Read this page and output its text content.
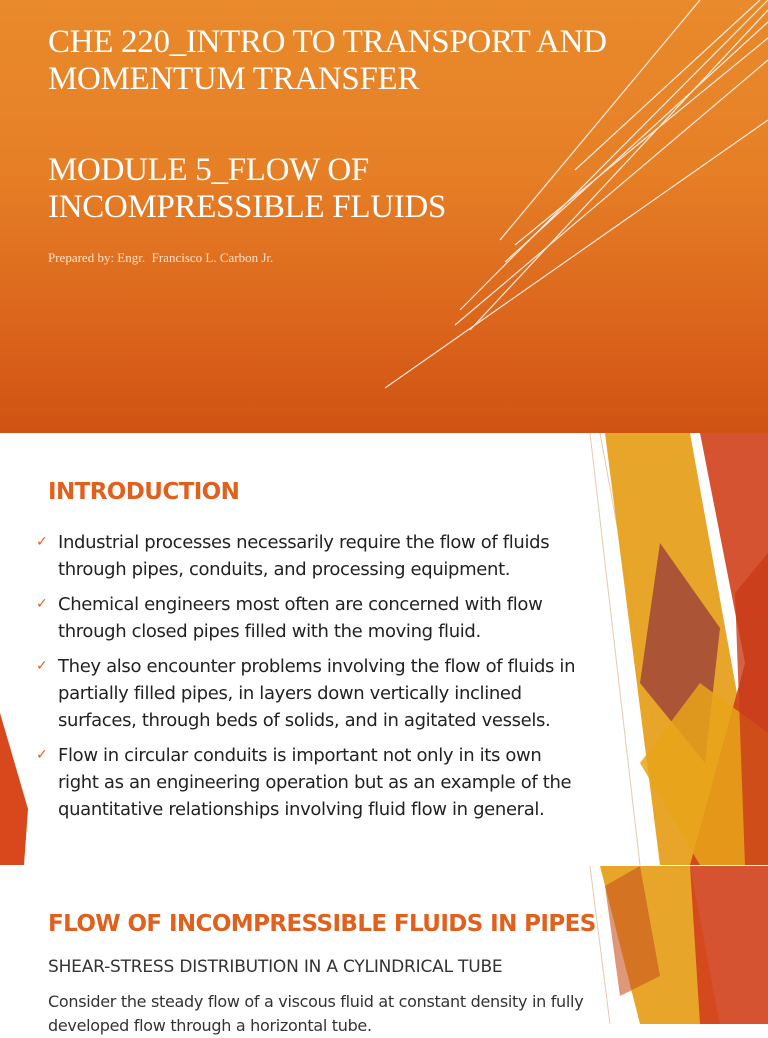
CHE 220_INTRO TO TRANSPORT AND
MOMENTUM TRANSFER
MODULE 5_FLOW OF
INCOMPRESSIBLE FLUIDS
Prepared by: Engr.  Francisco L. Carbon Jr.
INTRODUCTION
✓ Industrial processes necessarily require the flow of fluids
through pipes, conduits, and processing equipment.
✓ Chemical engineers most often are concerned with flow
through closed pipes filled with the moving fluid.
✓ They also encounter problems involving the flow of fluids in
partially filled pipes, in layers down vertically inclined
surfaces, through beds of solids, and in agitated vessels.
✓ Flow in circular conduits is important not only in its own
right as an engineering operation but as an example of the
quantitative relationships involving fluid flow in general.
FLOW OF INCOMPRESSIBLE FLUIDS IN PIPES
SHEAR-STRESS DISTRIBUTION IN A CYLINDRICAL TUBE
Consider the steady flow of a viscous fluid at constant density in fully
developed flow through a horizontal tube.
